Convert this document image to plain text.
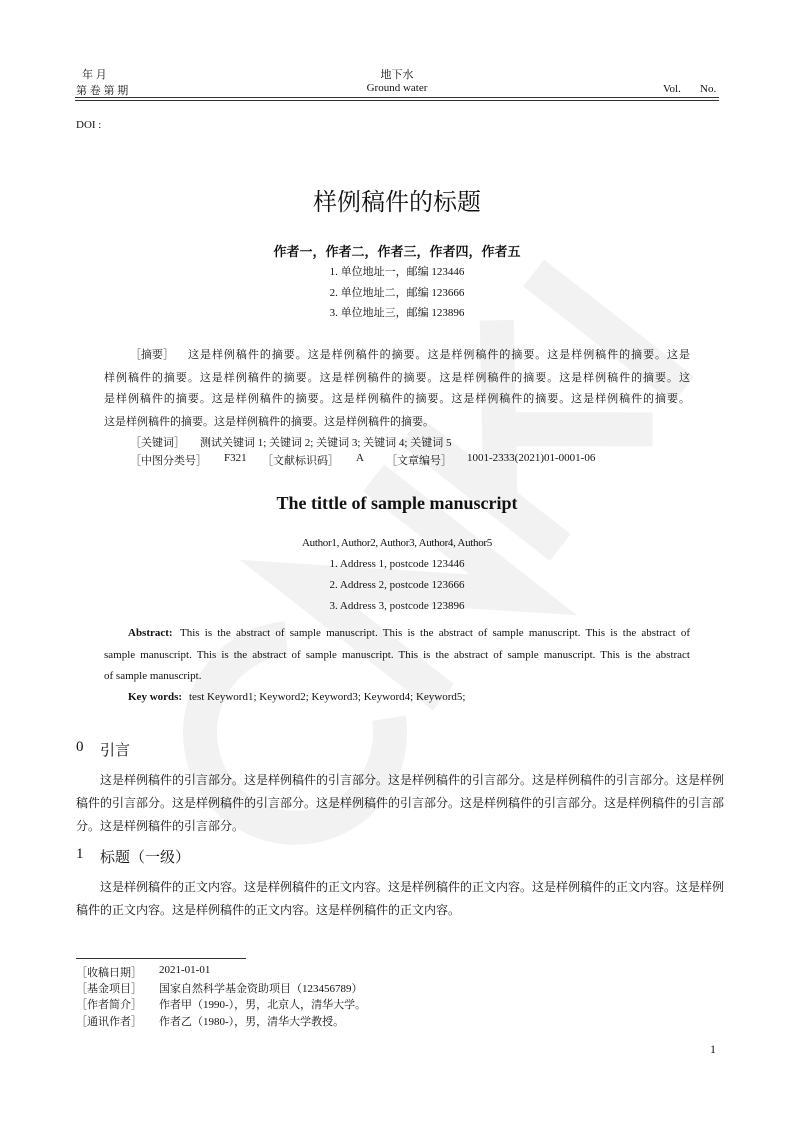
年 月
第 卷 第 期
地下水
Ground water	Vol. No.
DOI :
样例稿件的标题
作者一，作者二，作者三，作者四，作者五
1. 单位地址一，邮编 123446
2. 单位地址二，邮编 123666
3. 单位地址三，邮编 123896
［摘要］ 这是样例稿件的摘要。这是样例稿件的摘要。这是样例稿件的摘要。这是样例稿件的摘要。这是
样例稿件的摘要。这是样例稿件的摘要。这是样例稿件的摘要。这是样例稿件的摘要。这是样例稿件的摘要。这
是样例稿件的摘要。这是样例稿件的摘要。这是样例稿件的摘要。这是样例稿件的摘要。这是样例稿件的摘要。
这是样例稿件的摘要。这是样例稿件的摘要。这是样例稿件的摘要。
［关键词］ 测试关键词 1; 关键词 2; 关键词 3; 关键词 4; 关键词 5
［中图分类号］ F321 ［文献标识码］ A ［文章编号］ 1001-2333(2021)01-0001-06
The tittle of sample manuscript
Author1, Author2, Author3, Author4, Author5
1. Address 1, postcode 123446
2. Address 2, postcode 123666
3. Address 3, postcode 123896
Abstract: This is the abstract of sample manuscript. This is the abstract of sample manuscript. This is the abstract of
sample manuscript. This is the abstract of sample manuscript. This is the abstract of sample manuscript. This is the abstract
of sample manuscript.
Key words: test Keyword1; Keyword2; Keyword3; Keyword4; Keyword5;
0 引言
这是样例稿件的引言部分。这是样例稿件的引言部分。这是样例稿件的引言部分。这是样例稿件的引言部分。这是样例
稿件的引言部分。这是样例稿件的引言部分。这是样例稿件的引言部分。这是样例稿件的引言部分。这是样例稿件的引言部
分。这是样例稿件的引言部分。
1 标题（一级）
这是样例稿件的正文内容。这是样例稿件的正文内容。这是样例稿件的正文内容。这是样例稿件的正文内容。这是样例
稿件的正文内容。这是样例稿件的正文内容。这是样例稿件的正文内容。
［收稿日期］ 2021-01-01
［基金项目］ 国家自然科学基金资助项目（123456789）
［作者简介］ 作者甲（1990-），男，北京人，清华大学。
［通讯作者］ 作者乙（1980-），男，清华大学教授。
1
